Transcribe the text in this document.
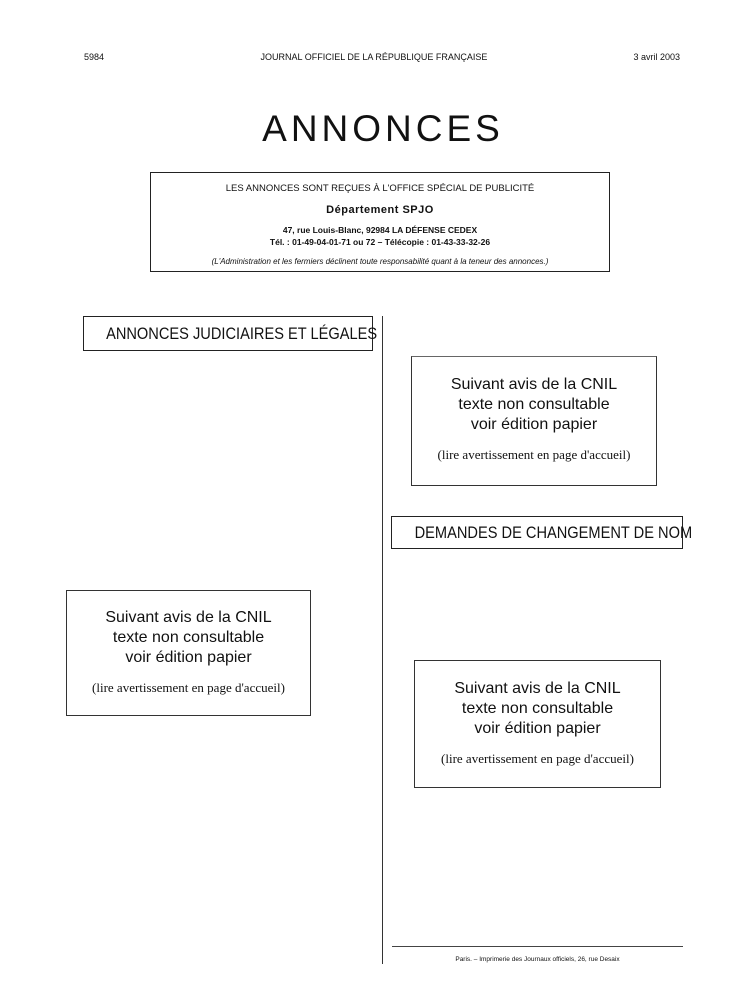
5984	JOURNAL OFFICIEL DE LA RÉPUBLIQUE FRANÇAISE	3 avril 2003
ANNONCES
LES ANNONCES SONT REÇUES À L'OFFICE SPÉCIAL DE PUBLICITÉ
Département SPJO
47, rue Louis-Blanc, 92984 LA DÉFENSE CEDEX
Tél. : 01-49-04-01-71 ou 72 – Télécopie : 01-43-33-32-26
(L'Administration et les fermiers déclinent toute responsabilité quant à la teneur des annonces.)
ANNONCES JUDICIAIRES ET LÉGALES
Suivant avis de la CNIL
texte non consultable
voir édition papier
(lire avertissement en page d'accueil)
DEMANDES DE CHANGEMENT DE NOM
Suivant avis de la CNIL
texte non consultable
voir édition papier
(lire avertissement en page d'accueil)	Suivant avis de la CNIL
texte non consultable
voir édition papier
(lire avertissement en page d'accueil)
Paris. – Imprimerie des Journaux officiels, 26, rue Desaix
